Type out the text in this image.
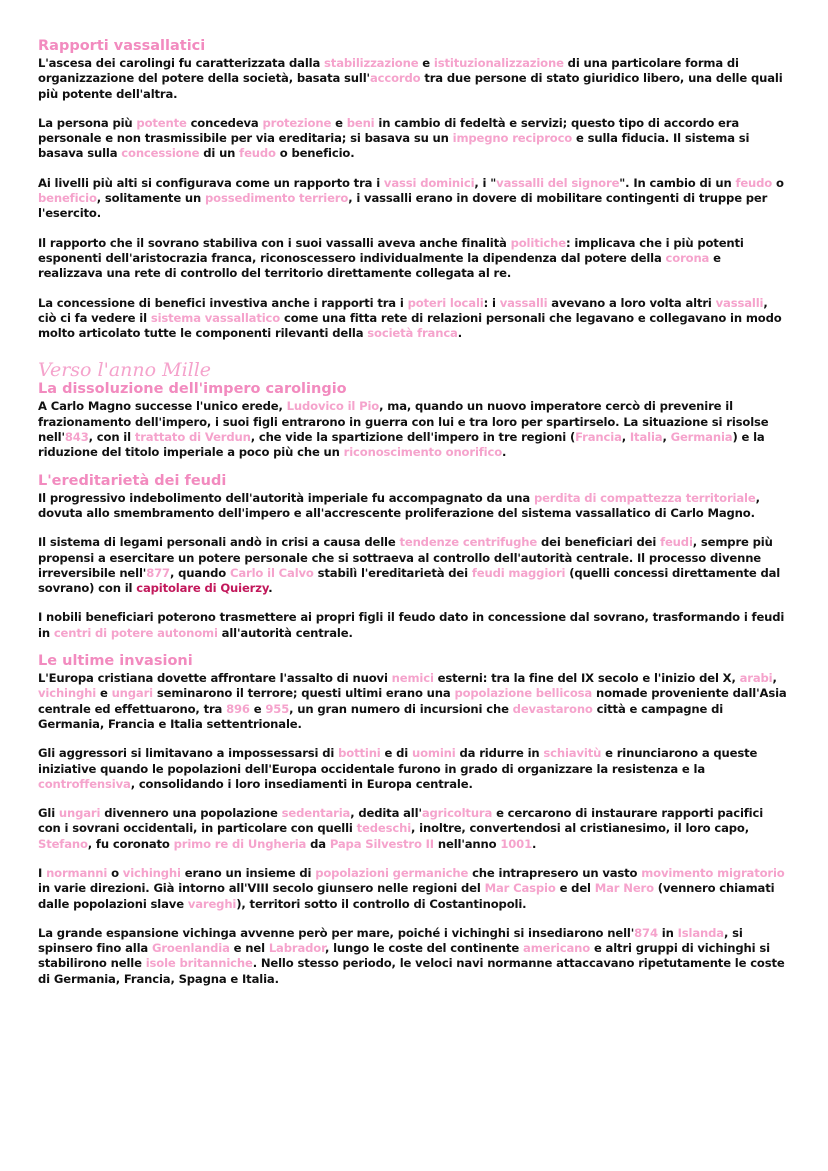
Rapporti vassallatici

L'ascesa dei carolingi fu caratterizzata dalla stabilizzazione e istituzionalizzazione di una particolare forma di organizzazione del potere della società, basata sull'accordo tra due persone di stato giuridico libero, una delle quali più potente dell'altra.

La persona più potente concedeva protezione e beni in cambio di fedeltà e servizi; questo tipo di accordo era personale e non trasmissibile per via ereditaria; si basava su un impegno reciproco e sulla fiducia. Il sistema si basava sulla concessione di un feudo o beneficio.

Ai livelli più alti si configurava come un rapporto tra i vassi dominici, i "vassalli del signore". In cambio di un feudo o beneficio, solitamente un possedimento terriero, i vassalli erano in dovere di mobilitare contingenti di truppe per l'esercito.

Il rapporto che il sovrano stabiliva con i suoi vassalli aveva anche finalità politiche: implicava che i più potenti esponenti dell'aristocrazia franca, riconoscessero individualmente la dipendenza dal potere della corona e realizzava una rete di controllo del territorio direttamente collegata al re.

La concessione di benefici investiva anche i rapporti tra i poteri locali: i vassalli avevano a loro volta altri vassalli, ciò ci fa vedere il sistema vassallatico come una fitta rete di relazioni personali che legavano e collegavano in modo molto articolato tutte le componenti rilevanti della società franca.

Verso l'anno Mille
La dissoluzione dell'impero carolingio

A Carlo Magno successe l'unico erede, Ludovico il Pio, ma, quando un nuovo imperatore cercò di prevenire il frazionamento dell'impero, i suoi figli entrarono in guerra con lui e tra loro per spartirselo. La situazione si risolse nell'843, con il trattato di Verdun, che vide la spartizione dell'impero in tre regioni (Francia, Italia, Germania) e la riduzione del titolo imperiale a poco più che un riconoscimento onorifico.

L'ereditarietà dei feudi

Il progressivo indebolimento dell'autorità imperiale fu accompagnato da una perdita di compattezza territoriale, dovuta allo smembramento dell'impero e all'accrescente proliferazione del sistema vassallatico di Carlo Magno.

Il sistema di legami personali andò in crisi a causa delle tendenze centrifughe dei beneficiari dei feudi, sempre più propensi a esercitare un potere personale che si sottraeva al controllo dell'autorità centrale. Il processo divenne irreversibile nell'877, quando Carlo il Calvo stabilì l'ereditarietà dei feudi maggiori (quelli concessi direttamente dal sovrano) con il capitolare di Quierzy.

I nobili beneficiari poterono trasmettere ai propri figli il feudo dato in concessione dal sovrano, trasformando i feudi in centri di potere autonomi all'autorità centrale.

Le ultime invasioni

L'Europa cristiana dovette affrontare l'assalto di nuovi nemici esterni: tra la fine del IX secolo e l'inizio del X, arabi, vichinghi e ungari seminarono il terrore; questi ultimi erano una popolazione bellicosa nomade proveniente dall'Asia centrale ed effettuarono, tra 896 e 955, un gran numero di incursioni che devastarono città e campagne di Germania, Francia e Italia settentrionale.

Gli aggressori si limitavano a impossessarsi di bottini e di uomini da ridurre in schiavitù e rinunciarono a queste iniziative quando le popolazioni dell'Europa occidentale furono in grado di organizzare la resistenza e la controffensiva, consolidando i loro insediamenti in Europa centrale.

Gli ungari divennero una popolazione sedentaria, dedita all'agricoltura e cercarono di instaurare rapporti pacifici con i sovrani occidentali, in particolare con quelli tedeschi, inoltre, convertendosi al cristianesimo, il loro capo, Stefano, fu coronato primo re di Ungheria da Papa Silvestro II nell'anno 1001.

I normanni o vichinghi erano un insieme di popolazioni germaniche che intrapresero un vasto movimento migratorio in varie direzioni. Già intorno all'VIII secolo giunsero nelle regioni del Mar Caspio e del Mar Nero (vennero chiamati dalle popolazioni slave vareghi), territori sotto il controllo di Costantinopoli.

La grande espansione vichinga avvenne però per mare, poiché i vichinghi si insediarono nell'874 in Islanda, si spinsero fino alla Groenlandia e nel Labrador, lungo le coste del continente americano e altri gruppi di vichinghi si stabilirono nelle isole britanniche. Nello stesso periodo, le veloci navi normanne attaccavano ripetutamente le coste di Germania, Francia, Spagna e Italia.
